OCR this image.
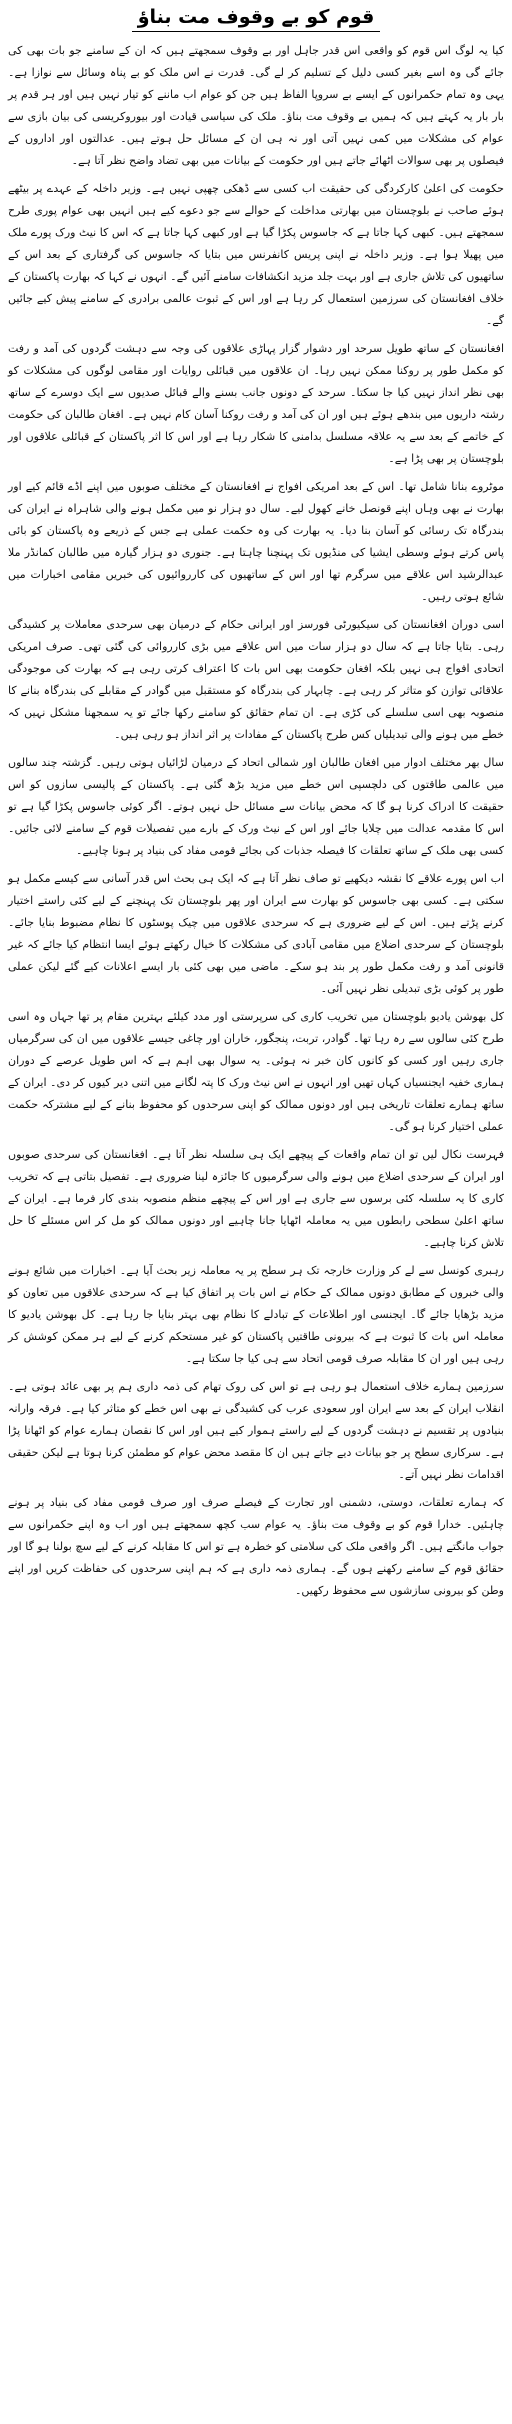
قوم کو بے وقوف مت بناؤ

کیا یہ لوگ اس قوم کو واقعی اس قدر جاہل اور بے وقوف سمجھتے ہیں کہ ان کے سامنے جو بات بھی کی جائے گی وہ اسے بغیر کسی دلیل کے تسلیم کر لے گی۔ قدرت نے اس ملک کو بے پناہ وسائل سے نوازا ہے۔ یہی وہ تمام حکمرانوں کے ایسے بے سروپا الفاظ ہیں جن کو عوام اب ماننے کو تیار نہیں ہیں اور ہر قدم پر بار بار یہ کہتے ہیں کہ ہمیں بے وقوف مت بناؤ۔ ملک کی سیاسی قیادت اور بیوروکریسی کی بیان بازی سے عوام کی مشکلات میں کمی نہیں آتی اور نہ ہی ان کے مسائل حل ہوتے ہیں۔ عدالتوں اور اداروں کے فیصلوں پر بھی سوالات اٹھائے جاتے ہیں اور حکومت کے بیانات میں بھی تضاد واضح نظر آتا ہے۔

حکومت کی اعلیٰ کارکردگی کی حقیقت اب کسی سے ڈھکی چھپی نہیں ہے۔ وزیر داخلہ کے عہدے پر بیٹھے ہوئے صاحب نے بلوچستان میں بھارتی مداخلت کے حوالے سے جو دعوے کیے ہیں انہیں بھی عوام پوری طرح سمجھتے ہیں۔ کبھی کہا جاتا ہے کہ جاسوس پکڑا گیا ہے اور کبھی کہا جاتا ہے کہ اس کا نیٹ ورک پورے ملک میں پھیلا ہوا ہے۔ وزیر داخلہ نے اپنی پریس کانفرنس میں بتایا کہ جاسوس کی گرفتاری کے بعد اس کے ساتھیوں کی تلاش جاری ہے اور بہت جلد مزید انکشافات سامنے آئیں گے۔ انہوں نے کہا کہ بھارت پاکستان کے خلاف افغانستان کی سرزمین استعمال کر رہا ہے اور اس کے ثبوت عالمی برادری کے سامنے پیش کیے جائیں گے۔

افغانستان کے ساتھ طویل سرحد اور دشوار گزار پہاڑی علاقوں کی وجہ سے دہشت گردوں کی آمد و رفت کو مکمل طور پر روکنا ممکن نہیں رہا۔ ان علاقوں میں قبائلی روایات اور مقامی لوگوں کی مشکلات کو بھی نظر انداز نہیں کیا جا سکتا۔ سرحد کے دونوں جانب بسنے والے قبائل صدیوں سے ایک دوسرے کے ساتھ رشتہ داریوں میں بندھے ہوئے ہیں اور ان کی آمد و رفت روکنا آسان کام نہیں ہے۔ افغان طالبان کی حکومت کے خاتمے کے بعد سے یہ علاقہ مسلسل بدامنی کا شکار رہا ہے اور اس کا اثر پاکستان کے قبائلی علاقوں اور بلوچستان پر بھی پڑا ہے۔

موٹروے بنانا شامل تھا۔ اس کے بعد امریکی افواج نے افغانستان کے مختلف صوبوں میں اپنے اڈے قائم کیے اور بھارت نے بھی وہاں اپنے قونصل خانے کھول لیے۔ سال دو ہزار نو میں مکمل ہونے والی شاہراہ نے ایران کی بندرگاہ تک رسائی کو آسان بنا دیا۔ یہ بھارت کی وہ حکمت عملی ہے جس کے ذریعے وہ پاکستان کو بائی پاس کرتے ہوئے وسطی ایشیا کی منڈیوں تک پہنچنا چاہتا ہے۔ جنوری دو ہزار گیارہ میں طالبان کمانڈر ملا عبدالرشید اس علاقے میں سرگرم تھا اور اس کے ساتھیوں کی کارروائیوں کی خبریں مقامی اخبارات میں شائع ہوتی رہیں۔

اسی دوران افغانستان کی سیکیورٹی فورسز اور ایرانی حکام کے درمیان بھی سرحدی معاملات پر کشیدگی رہی۔ بتایا جاتا ہے کہ سال دو ہزار سات میں اس علاقے میں بڑی کارروائی کی گئی تھی۔ صرف امریکی اتحادی افواج ہی نہیں بلکہ افغان حکومت بھی اس بات کا اعتراف کرتی رہی ہے کہ بھارت کی موجودگی علاقائی توازن کو متاثر کر رہی ہے۔ چابہار کی بندرگاہ کو مستقبل میں گوادر کے مقابلے کی بندرگاہ بنانے کا منصوبہ بھی اسی سلسلے کی کڑی ہے۔ ان تمام حقائق کو سامنے رکھا جائے تو یہ سمجھنا مشکل نہیں کہ خطے میں ہونے والی تبدیلیاں کس طرح پاکستان کے مفادات پر اثر انداز ہو رہی ہیں۔

سال بھر مختلف ادوار میں افغان طالبان اور شمالی اتحاد کے درمیان لڑائیاں ہوتی رہیں۔ گزشتہ چند سالوں میں عالمی طاقتوں کی دلچسپی اس خطے میں مزید بڑھ گئی ہے۔ پاکستان کے پالیسی سازوں کو اس حقیقت کا ادراک کرنا ہو گا کہ محض بیانات سے مسائل حل نہیں ہوتے۔ اگر کوئی جاسوس پکڑا گیا ہے تو اس کا مقدمہ عدالت میں چلایا جائے اور اس کے نیٹ ورک کے بارے میں تفصیلات قوم کے سامنے لائی جائیں۔ کسی بھی ملک کے ساتھ تعلقات کا فیصلہ جذبات کی بجائے قومی مفاد کی بنیاد پر ہونا چاہیے۔

اب اس پورے علاقے کا نقشہ دیکھیے تو صاف نظر آتا ہے کہ ایک ہی بحث اس قدر آسانی سے کیسے مکمل ہو سکتی ہے۔ کسی بھی جاسوس کو بھارت سے ایران اور پھر بلوچستان تک پہنچنے کے لیے کئی راستے اختیار کرنے پڑتے ہیں۔ اس کے لیے ضروری ہے کہ سرحدی علاقوں میں چیک پوسٹوں کا نظام مضبوط بنایا جائے۔ بلوچستان کے سرحدی اضلاع میں مقامی آبادی کی مشکلات کا خیال رکھتے ہوئے ایسا انتظام کیا جائے کہ غیر قانونی آمد و رفت مکمل طور پر بند ہو سکے۔ ماضی میں بھی کئی بار ایسے اعلانات کیے گئے لیکن عملی طور پر کوئی بڑی تبدیلی نظر نہیں آئی۔

کل بھوشن یادیو بلوچستان میں تخریب کاری کی سرپرستی اور مدد کیلئے بہترین مقام پر تھا جہاں وہ اسی طرح کئی سالوں سے رہ رہا تھا۔ گوادر، تربت، پنجگور، خاران اور چاغی جیسے علاقوں میں ان کی سرگرمیاں جاری رہیں اور کسی کو کانوں کان خبر نہ ہوئی۔ یہ سوال بھی اہم ہے کہ اس طویل عرصے کے دوران ہماری خفیہ ایجنسیاں کہاں تھیں اور انہوں نے اس نیٹ ورک کا پتہ لگانے میں اتنی دیر کیوں کر دی۔ ایران کے ساتھ ہمارے تعلقات تاریخی ہیں اور دونوں ممالک کو اپنی سرحدوں کو محفوظ بنانے کے لیے مشترکہ حکمت عملی اختیار کرنا ہو گی۔

فہرست نکال لیں تو ان تمام واقعات کے پیچھے ایک ہی سلسلہ نظر آتا ہے۔ افغانستان کی سرحدی صوبوں اور ایران کے سرحدی اضلاع میں ہونے والی سرگرمیوں کا جائزہ لینا ضروری ہے۔ تفصیل بتاتی ہے کہ تخریب کاری کا یہ سلسلہ کئی برسوں سے جاری ہے اور اس کے پیچھے منظم منصوبہ بندی کار فرما ہے۔ ایران کے ساتھ اعلیٰ سطحی رابطوں میں یہ معاملہ اٹھایا جانا چاہیے اور دونوں ممالک کو مل کر اس مسئلے کا حل تلاش کرنا چاہیے۔

رہبری کونسل سے لے کر وزارت خارجہ تک ہر سطح پر یہ معاملہ زیر بحث آیا ہے۔ اخبارات میں شائع ہونے والی خبروں کے مطابق دونوں ممالک کے حکام نے اس بات پر اتفاق کیا ہے کہ سرحدی علاقوں میں تعاون کو مزید بڑھایا جائے گا۔ ایجنسی اور اطلاعات کے تبادلے کا نظام بھی بہتر بنایا جا رہا ہے۔ کل بھوشن یادیو کا معاملہ اس بات کا ثبوت ہے کہ بیرونی طاقتیں پاکستان کو غیر مستحکم کرنے کے لیے ہر ممکن کوشش کر رہی ہیں اور ان کا مقابلہ صرف قومی اتحاد سے ہی کیا جا سکتا ہے۔

سرزمین ہمارے خلاف استعمال ہو رہی ہے تو اس کی روک تھام کی ذمہ داری ہم پر بھی عائد ہوتی ہے۔ انقلاب ایران کے بعد سے ایران اور سعودی عرب کی کشیدگی نے بھی اس خطے کو متاثر کیا ہے۔ فرقہ وارانہ بنیادوں پر تقسیم نے دہشت گردوں کے لیے راستے ہموار کیے ہیں اور اس کا نقصان ہمارے عوام کو اٹھانا پڑا ہے۔ سرکاری سطح پر جو بیانات دیے جاتے ہیں ان کا مقصد محض عوام کو مطمئن کرنا ہوتا ہے لیکن حقیقی اقدامات نظر نہیں آتے۔

کہ ہمارے تعلقات، دوستی، دشمنی اور تجارت کے فیصلے صرف اور صرف قومی مفاد کی بنیاد پر ہونے چاہئیں۔ خدارا قوم کو بے وقوف مت بناؤ۔ یہ عوام سب کچھ سمجھتے ہیں اور اب وہ اپنے حکمرانوں سے جواب مانگتے ہیں۔ اگر واقعی ملک کی سلامتی کو خطرہ ہے تو اس کا مقابلہ کرنے کے لیے سچ بولنا ہو گا اور حقائق قوم کے سامنے رکھنے ہوں گے۔ ہماری ذمہ داری ہے کہ ہم اپنی سرحدوں کی حفاظت کریں اور اپنے وطن کو بیرونی سازشوں سے محفوظ رکھیں۔
